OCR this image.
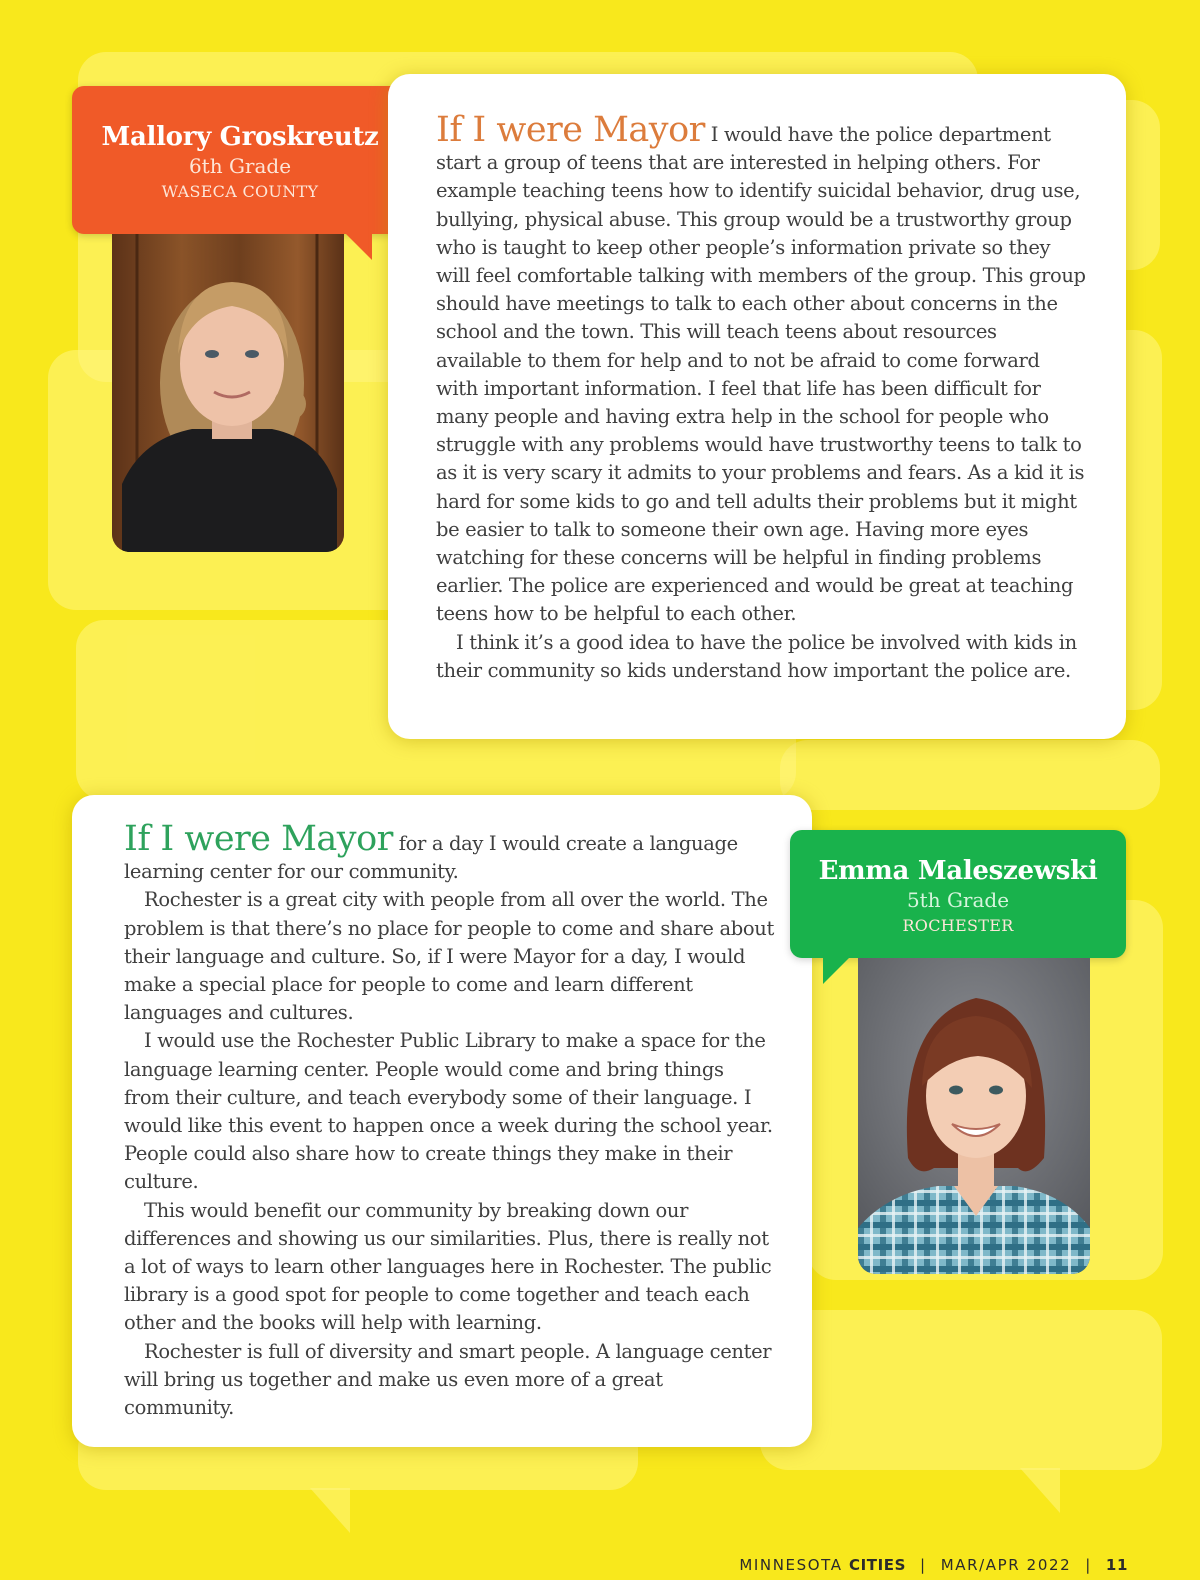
Mallory Groskreutz
6th Grade
WASECA COUNTY

If I were Mayor I would have the police department start a group of teens that are interested in helping others. For example teaching teens how to identify suicidal behavior, drug use, bullying, physical abuse. This group would be a trustworthy group who is taught to keep other people’s information private so they will feel comfortable talking with members of the group. This group should have meetings to talk to each other about concerns in the school and the town. This will teach teens about resources available to them for help and to not be afraid to come forward with important information. I feel that life has been difficult for many people and having extra help in the school for people who struggle with any problems would have trustworthy teens to talk to as it is very scary it admits to your problems and fears. As a kid it is hard for some kids to go and tell adults their problems but it might be easier to talk to someone their own age. Having more eyes watching for these concerns will be helpful in finding problems earlier. The police are experienced and would be great at teaching teens how to be helpful to each other.

I think it’s a good idea to have the police be involved with kids in their community so kids understand how important the police are.

If I were Mayor for a day I would create a language learning center for our community.

Rochester is a great city with people from all over the world. The problem is that there’s no place for people to come and share about their language and culture. So, if I were Mayor for a day, I would make a special place for people to come and learn different languages and cultures.

I would use the Rochester Public Library to make a space for the language learning center. People would come and bring things from their culture, and teach everybody some of their language. I would like this event to happen once a week during the school year. People could also share how to create things they make in their culture.

This would benefit our community by breaking down our differences and showing us our similarities. Plus, there is really not a lot of ways to learn other languages here in Rochester. The public library is a good spot for people to come together and teach each other and the books will help with learning.

Rochester is full of diversity and smart people. A language center will bring us together and make us even more of a great community.

Emma Maleszewski
5th Grade
ROCHESTER
MINNESOTA CITIES | MAR/APR 2022 | 11
